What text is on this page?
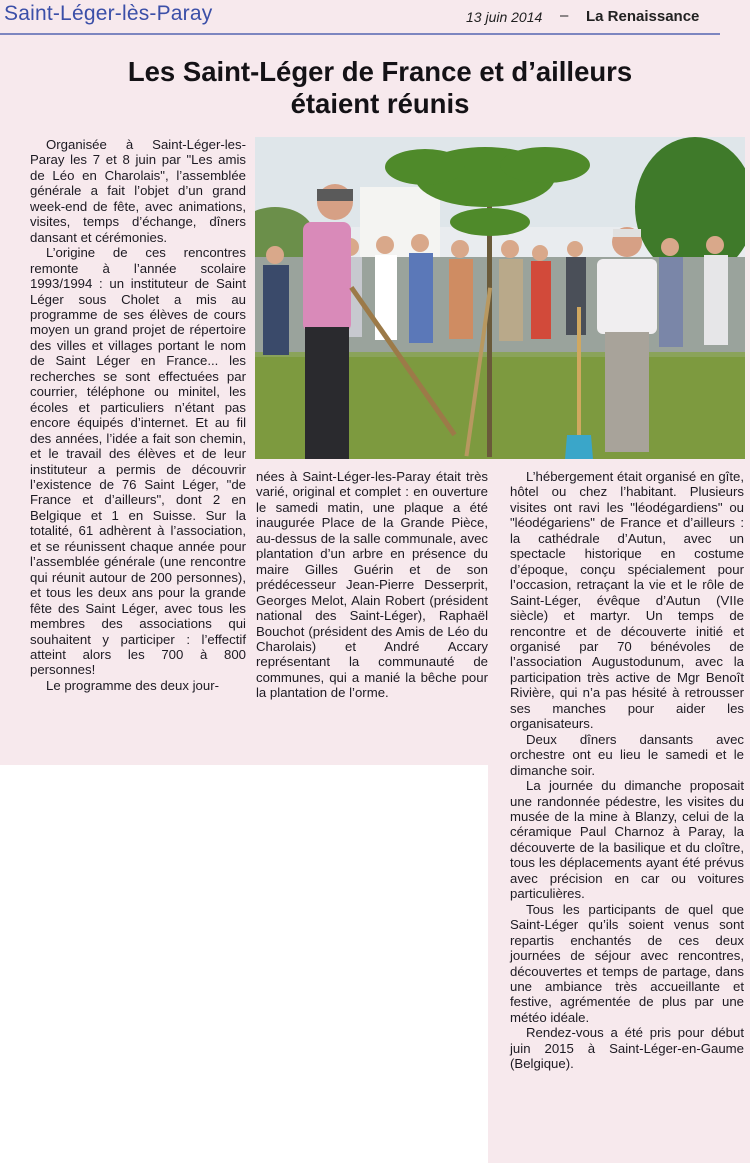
Saint-Léger-lès-Paray	13 juin 2014 – La Renaissance
Les Saint-Léger de France et d’ailleurs
étaient réunis

Organisée à Saint-Léger-les-Paray les 7 et 8 juin par "Les amis de Léo en Charolais", l’assemblée générale a fait l’objet d’un grand week-end de fête, avec animations, visites, temps d’échange, dîners dansant et cérémonies.

L’origine de ces rencontres remonte à l’année scolaire 1993/1994 : un instituteur de Saint Léger sous Cholet a mis au programme de ses élèves de cours moyen un grand projet de répertoire des villes et villages portant le nom de Saint Léger en France... les recherches se sont effectuées par courrier, téléphone ou minitel, les écoles et particuliers n’étant pas encore équipés d’internet. Et au fil des années, l’idée a fait son chemin, et le travail des élèves et de leur instituteur a permis de découvrir l’existence de 76 Saint Léger, "de France et d’ailleurs", dont 2 en Belgique et 1 en Suisse. Sur la totalité, 61 adhèrent à l’association, et se réunissent chaque année pour l’assemblée générale (une rencontre qui réunit autour de 200 personnes), et tous les deux ans pour la grande fête des Saint Léger, avec tous les membres des associations qui souhaitent y participer : l’effectif atteint alors les 700 à 800 personnes!

Le programme des deux jour-

nées à Saint-Léger-les-Paray était très varié, original et complet : en ouverture le samedi matin, une plaque a été inaugurée Place de la Grande Pièce, au-dessus de la salle communale, avec plantation d’un arbre en présence du maire Gilles Guérin et de son prédécesseur Jean-Pierre Desserprit, Georges Melot, Alain Robert (président national des Saint-Léger), Raphaël Bouchot (président des Amis de Léo du Charolais) et André Accary représentant la communauté de communes, qui a manié la bêche pour la plantation de l’orme.

L’hébergement était organisé en gîte, hôtel ou chez l’habitant. Plusieurs visites ont ravi les "léodégardiens" ou "léodégariens" de France et d’ailleurs : la cathédrale d’Autun, avec un spectacle historique en costume d’époque, conçu spécialement pour l’occasion, retraçant la vie et le rôle de Saint-Léger, évêque d’Autun (VIIe siècle) et martyr. Un temps de rencontre et de découverte initié et organisé par 70 bénévoles de l’association Augustodunum, avec la participation très active de Mgr Benoît Rivière, qui n’a pas hésité à retrousser ses manches pour aider les organisateurs.

Deux dîners dansants avec orchestre ont eu lieu le samedi et le dimanche soir.

La journée du dimanche proposait une randonnée pédestre, les visites du musée de la mine à Blanzy, celui de la céramique Paul Charnoz à Paray, la découverte de la basilique et du cloître, tous les déplacements ayant été prévus avec précision en car ou voitures particulières.

Tous les participants de quel que Saint-Léger qu’ils soient venus sont repartis enchantés de ces deux journées de séjour avec rencontres, découvertes et temps de partage, dans une ambiance très accueillante et festive, agrémentée de plus par une météo idéale.

Rendez-vous a été pris pour début juin 2015 à Saint-Léger-en-Gaume (Belgique).
